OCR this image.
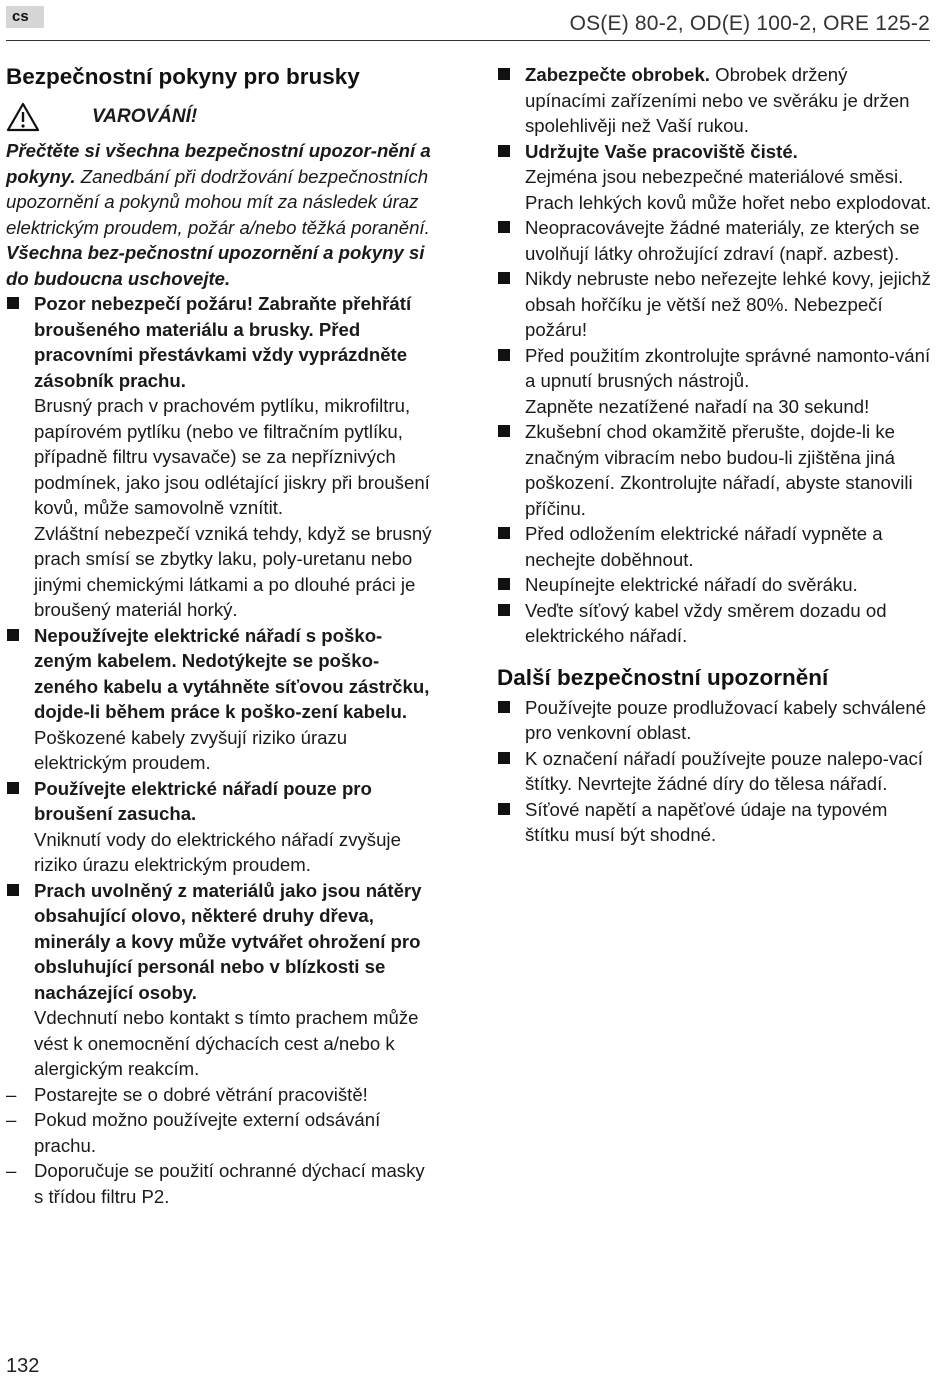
cs	OS(E) 80-2, OD(E) 100-2, ORE 125-2
Bezpečnostní pokyny pro brusky
VAROVÁNÍ!
Přečtěte si všechna bezpečnostní upozor-nění a pokyny. Zanedbání při dodržování bezpečnostních upozornění a pokynů mohou mít za následek úraz elektrickým proudem, požár a/nebo těžká poranění. Všechna bez-pečnostní upozornění a pokyny si do budoucna uschovejte.
Pozor nebezpečí požáru! Zabraňte přehřátí broušeného materiálu a brusky. Před pracovními přestávkami vždy vyprázdněte zásobník prachu.
Brusný prach v prachovém pytlíku, mikrofiltru, papírovém pytlíku (nebo ve filtračním pytlíku, případně filtru vysavače) se za nepříznivých podmínek, jako jsou odlétající jiskry při broušení kovů, může samovolně vznítit.
Zvláštní nebezpečí vzniká tehdy, když se brusný prach smísí se zbytky laku, poly-uretanu nebo jinými chemickými látkami a po dlouhé práci je broušený materiál horký.
Nepoužívejte elektrické nářadí s poško-zeným kabelem. Nedotýkejte se poško-zeného kabelu a vytáhněte síťovou zástrčku, dojde-li během práce k poško-zení kabelu. Poškozené kabely zvyšují riziko úrazu elektrickým proudem.
Používejte elektrické nářadí pouze pro broušení zasucha.
Vniknutí vody do elektrického nářadí zvyšuje riziko úrazu elektrickým proudem.
Prach uvolněný z materiálů jako jsou nátěry obsahující olovo, některé druhy dřeva, minerály a kovy může vytvářet ohrožení pro obsluhující personál nebo v blízkosti se nacházející osoby.
Vdechnutí nebo kontakt s tímto prachem může vést k onemocnění dýchacích cest a/nebo k alergickým reakcím.
– Postarejte se o dobré větrání pracoviště!
– Pokud možno používejte externí odsávání prachu.
– Doporučuje se použití ochranné dýchací masky s třídou filtru P2.
Zabezpečte obrobek. Obrobek držený upínacími zařízeními nebo ve svěráku je držen spolehlivěji než Vaší rukou.
Udržujte Vaše pracoviště čisté.
Zejména jsou nebezpečné materiálové směsi. Prach lehkých kovů může hořet nebo explodovat.
Neopracovávejte žádné materiály, ze kterých se uvolňují látky ohrožující zdraví (např. azbest).
Nikdy nebruste nebo neřezejte lehké kovy, jejichž obsah hořčíku je větší než 80%. Nebezpečí požáru!
Před použitím zkontrolujte správné namonto-vání a upnutí brusných nástrojů.
Zapněte nezatížené nařadí na 30 sekund!
Zkušební chod okamžitě přerušte, dojde-li ke značným vibracím nebo budou-li zjištěna jiná poškození. Zkontrolujte nářadí, abyste stanovili příčinu.
Před odložením elektrické nářadí vypněte a nechejte doběhnout.
Neupínejte elektrické nářadí do svěráku.
Veďte síťový kabel vždy směrem dozadu od elektrického nářadí.
Další bezpečnostní upozornění
Používejte pouze prodlužovací kabely schválené pro venkovní oblast.
K označení nářadí používejte pouze nalepo-vací štítky. Nevrtejte žádné díry do tělesa nářadí.
Síťové napětí a napěťové údaje na typovém štítku musí být shodné.
132
